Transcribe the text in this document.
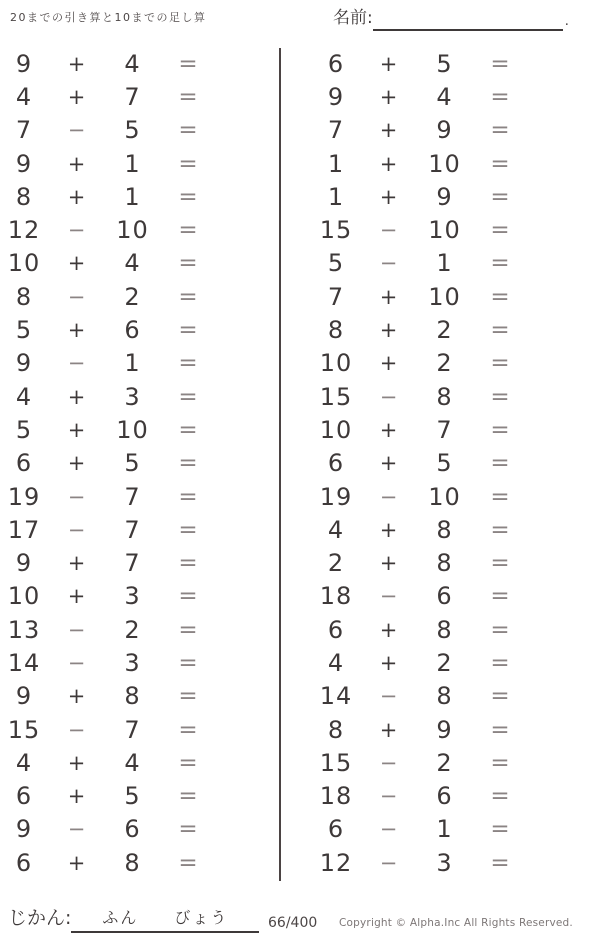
20までの引き算と10までの足し算	名前:	.
9	+	4	=
4	+	7	=
7	−	5	=
9	+	1	=
8	+	1	=
12	−	10	=
10	+	4	=
8	−	2	=
5	+	6	=
9	−	1	=
4	+	3	=
5	+	10	=
6	+	5	=
19	−	7	=
17	−	7	=
9	+	7	=
10	+	3	=
13	−	2	=
14	−	3	=
9	+	8	=
15	−	7	=
4	+	4	=
6	+	5	=
9	−	6	=
6	+	8	=
6	+	5	=
9	+	4	=
7	+	9	=
1	+	10	=
1	+	9	=
15	−	10	=
5	−	1	=
7	+	10	=
8	+	2	=
10	+	2	=
15	−	8	=
10	+	7	=
6	+	5	=
19	−	10	=
4	+	8	=
2	+	8	=
18	−	6	=
6	+	8	=
4	+	2	=
14	−	8	=
8	+	9	=
15	−	2	=
18	−	6	=
6	−	1	=
12	−	3	=
じかん:	ふん　　びょう	66/400 Copyright © Alpha.Inc All Rights Reserved.
